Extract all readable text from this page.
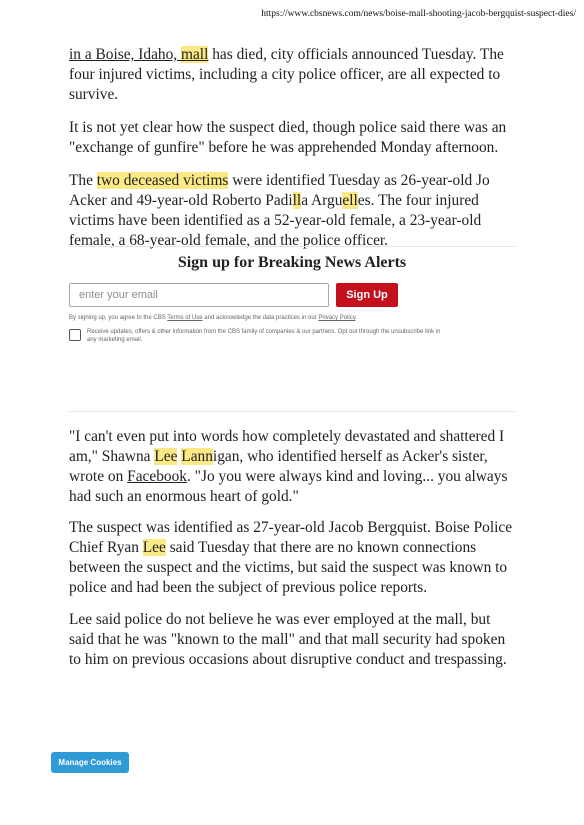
https://www.cbsnews.com/news/boise-mall-shooting-jacob-bergquist-suspect-dies/

in a Boise, Idaho, mall has died, city officials announced Tuesday. The four injured victims, including a city police officer, are all expected to survive.

It is not yet clear how the suspect died, though police said there was an "exchange of gunfire" before he was apprehended Monday afternoon.

The two deceased victims were identified Tuesday as 26-year-old Jo Acker and 49-year-old Roberto Padilla Arguelles. The four injured victims have been identified as a 52-year-old female, a 23-year-old female, a 68-year-old female, and the police officer.

Sign up for Breaking News Alerts
enter your email
Sign Up
By signing up, you agree to the CBS Terms of Use and acknowledge the data practices in our Privacy Policy.
Receive updates, offers & other information from the CBS family of companies & our partners. Opt out through the unsubscribe link in any marketing email.

"I can't even put into words how completely devastated and shattered I am," Shawna Lee Lannigan, who identified herself as Acker's sister, wrote on Facebook. "Jo you were always kind and loving... you always had such an enormous heart of gold."

The suspect was identified as 27-year-old Jacob Bergquist. Boise Police Chief Ryan Lee said Tuesday that there are no known connections between the suspect and the victims, but said the suspect was known to police and had been the subject of previous police reports.

Lee said police do not believe he was ever employed at the mall, but said that he was "known to the mall" and that mall security had spoken to him on previous occasions about disruptive conduct and trespassing.

Manage Cookies
